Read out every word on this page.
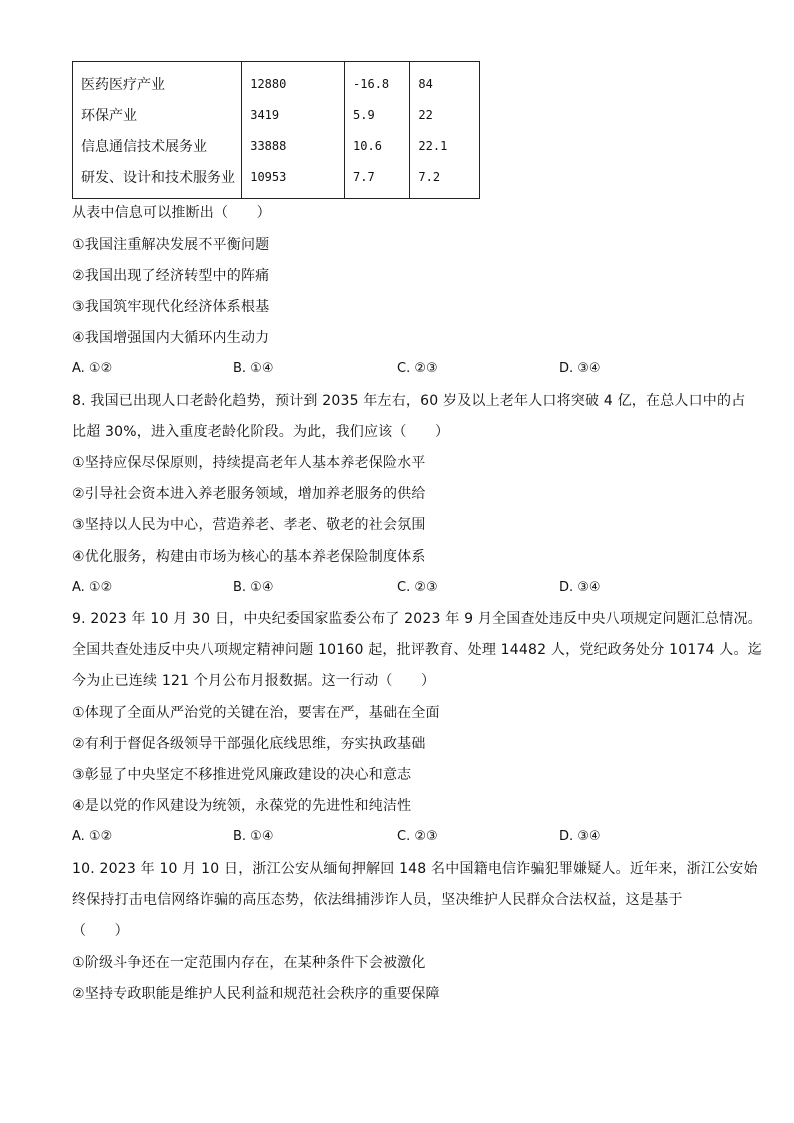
医药医疗产业	12880	-16.8	84
环保产业	3419	5.9	22
信息通信技术展务业	33888	10.6	22.1
研发、设计和技术服务业	10953	7.7	7.2
从表中信息可以推断出（　　）
①我国注重解决发展不平衡问题
②我国出现了经济转型中的阵痛
③我国筑牢现代化经济体系根基
④我国增强国内大循环内生动力
A. ①②	B. ①④	C. ②③	D. ③④
8. 我国已出现人口老龄化趋势，预计到 2035 年左右，60 岁及以上老年人口将突破 4 亿，在总人口中的占
比超 30%，进入重度老龄化阶段。为此，我们应该（　　）
①坚持应保尽保原则，持续提高老年人基本养老保险水平
②引导社会资本进入养老服务领域，增加养老服务的供给
③坚持以人民为中心，营造养老、孝老、敬老的社会氛围
④优化服务，构建由市场为核心的基本养老保险制度体系
A. ①②	B. ①④	C. ②③	D. ③④
9. 2023 年 10 月 30 日，中央纪委国家监委公布了 2023 年 9 月全国查处违反中央八项规定问题汇总情况。
全国共查处违反中央八项规定精神问题 10160 起，批评教育、处理 14482 人，党纪政务处分 10174 人。迄
今为止已连续 121 个月公布月报数据。这一行动（　　）
①体现了全面从严治党的关键在治，要害在严，基础在全面
②有利于督促各级领导干部强化底线思维，夯实执政基础
③彰显了中央坚定不移推进党风廉政建设的决心和意志
④是以党的作风建设为统领，永葆党的先进性和纯洁性
A. ①②	B. ①④	C. ②③	D. ③④
10. 2023 年 10 月 10 日，浙江公安从缅甸押解回 148 名中国籍电信诈骗犯罪嫌疑人。近年来，浙江公安始
终保持打击电信网络诈骗的高压态势，依法缉捕涉诈人员，坚决维护人民群众合法权益，这是基于
（　　）
①阶级斗争还在一定范围内存在，在某种条件下会被激化
②坚持专政职能是维护人民利益和规范社会秩序的重要保障
